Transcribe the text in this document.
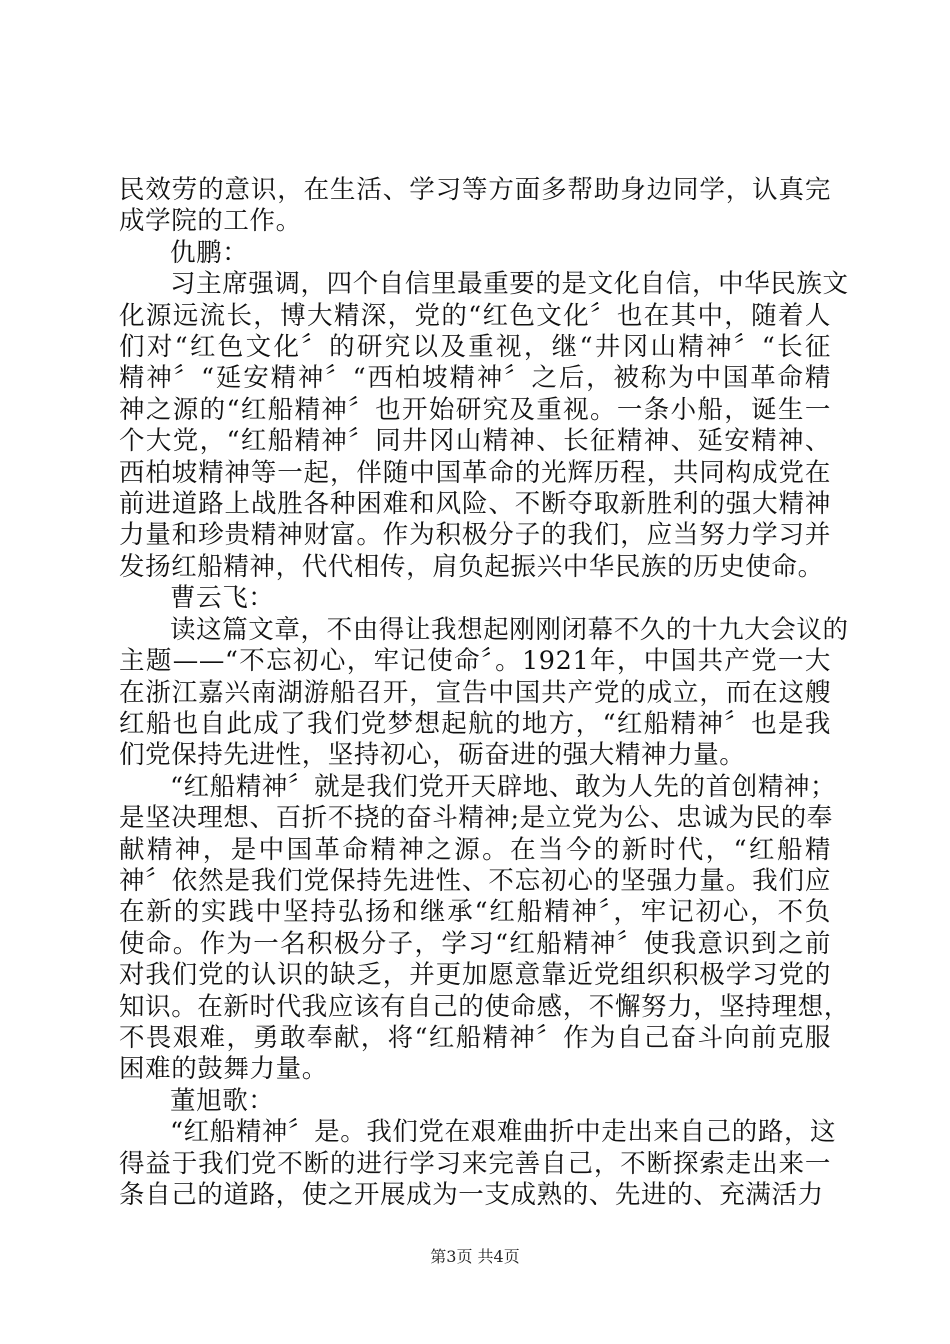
民效劳的意识，在生活、学习等方面多帮助身边同学，认真完
成学院的工作。
仇鹏：
习主席强调，四个自信里最重要的是文化自信，中华民族文
化源远流长，博大精深，党的“红色文化〞也在其中，随着人
们对“红色文化〞的研究以及重视，继“井冈山精神〞“长征
精神〞“延安精神〞“西柏坡精神〞之后，被称为中国革命精
神之源的“红船精神〞也开始研究及重视。一条小船，诞生一
个大党，“红船精神〞同井冈山精神、长征精神、延安精神、
西柏坡精神等一起，伴随中国革命的光辉历程，共同构成党在
前进道路上战胜各种困难和风险、不断夺取新胜利的强大精神
力量和珍贵精神财富。作为积极分子的我们，应当努力学习并
发扬红船精神，代代相传，肩负起振兴中华民族的历史使命。
曹云飞：
读这篇文章，不由得让我想起刚刚闭幕不久的十九大会议的
主题——“不忘初心，牢记使命〞。1921年，中国共产党一大
在浙江嘉兴南湖游船召开，宣告中国共产党的成立，而在这艘
红船也自此成了我们党梦想起航的地方，“红船精神〞也是我
们党保持先进性，坚持初心，砺奋进的强大精神力量。
“红船精神〞就是我们党开天辟地、敢为人先的首创精神；
是坚决理想、百折不挠的奋斗精神;是立党为公、忠诚为民的奉
献精神，是中国革命精神之源。在当今的新时代，“红船精
神〞依然是我们党保持先进性、不忘初心的坚强力量。我们应
在新的实践中坚持弘扬和继承“红船精神〞，牢记初心，不负
使命。作为一名积极分子，学习“红船精神〞使我意识到之前
对我们党的认识的缺乏，并更加愿意靠近党组织积极学习党的
知识。在新时代我应该有自己的使命感，不懈努力，坚持理想，
不畏艰难，勇敢奉献，将“红船精神〞作为自己奋斗向前克服
困难的鼓舞力量。
董旭歌：
“红船精神〞是。我们党在艰难曲折中走出来自己的路，这
得益于我们党不断的进行学习来完善自己，不断探索走出来一
条自己的道路，使之开展成为一支成熟的、先进的、充满活力
第3页 共4页
